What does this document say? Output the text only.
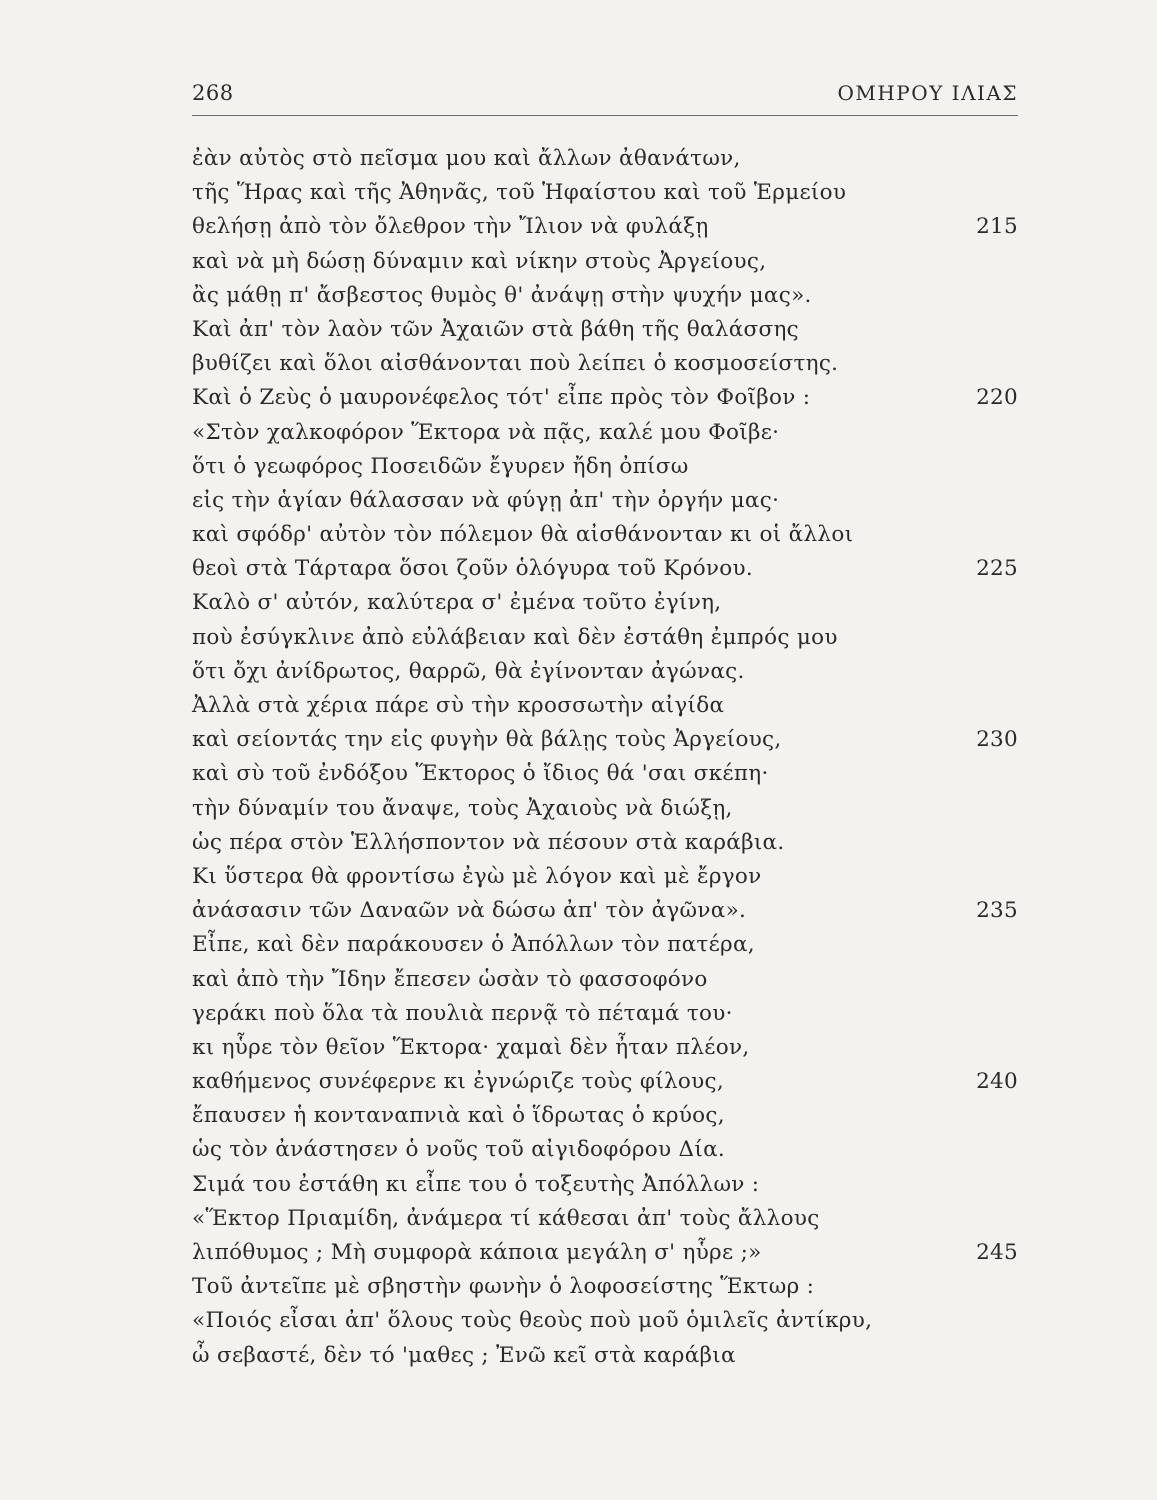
268	ΟΜΗΡΟΥ ΙΛΙΑΣ
ἐὰν αὐτὸς στὸ πεῖσμα μου καὶ ἄλλων ἀθανάτων,
τῆς Ἥρας καὶ τῆς Ἀθηνᾶς, τοῦ Ἡφαίστου καὶ τοῦ Ἑρμείου
θελήσῃ ἀπὸ τὸν ὄλεθρον τὴν Ἴλιον νὰ φυλάξῃ	215
καὶ νὰ μὴ δώσῃ δύναμιν καὶ νίκην στοὺς Ἀργείους,
ἂς μάθῃ π' ἄσβεστος θυμὸς θ' ἀνάψῃ στὴν ψυχήν μας».
Καὶ ἀπ' τὸν λαὸν τῶν Ἀχαιῶν στὰ βάθη τῆς θαλάσσης
βυθίζει καὶ ὅλοι αἰσθάνονται ποὺ λείπει ὁ κοσμοσείστης.
Καὶ ὁ Ζεὺς ὁ μαυρονέφελος τότ' εἶπε πρὸς τὸν Φοῖβον :	220
«Στὸν χαλκοφόρον Ἕκτορα νὰ πᾷς, καλέ μου Φοῖβε·
ὅτι ὁ γεωφόρος Ποσειδῶν ἔγυρεν ἤδη ὀπίσω
εἰς τὴν ἁγίαν θάλασσαν νὰ φύγῃ ἀπ' τὴν ὀργήν μας·
καὶ σφόδρ' αὐτὸν τὸν πόλεμον θὰ αἰσθάνονταν κι οἱ ἄλλοι
θεοὶ στὰ Τάρταρα ὅσοι ζοῦν ὁλόγυρα τοῦ Κρόνου.	225
Καλὸ σ' αὐτόν, καλύτερα σ' ἐμένα τοῦτο ἐγίνη,
ποὺ ἐσύγκλινε ἀπὸ εὐλάβειαν καὶ δὲν ἐστάθη ἐμπρός μου
ὅτι ὄχι ἀνίδρωτος, θαρρῶ, θὰ ἐγίνονταν ἀγώνας.
Ἀλλὰ στὰ χέρια πάρε σὺ τὴν κροσσωτὴν αἰγίδα
καὶ σείοντάς την εἰς φυγὴν θὰ βάλῃς τοὺς Ἀργείους,	230
καὶ σὺ τοῦ ἐνδόξου Ἕκτορος ὁ ἴδιος θά 'σαι σκέπη·
τὴν δύναμίν του ἄναψε, τοὺς Ἀχαιοὺς νὰ διώξῃ,
ὡς πέρα στὸν Ἑλλήσποντον νὰ πέσουν στὰ καράβια.
Κι ὕστερα θὰ φροντίσω ἐγὼ μὲ λόγον καὶ μὲ ἔργον
ἀνάσασιν τῶν Δαναῶν νὰ δώσω ἀπ' τὸν ἀγῶνα».	235
Εἶπε, καὶ δὲν παράκουσεν ὁ Ἀπόλλων τὸν πατέρα,
καὶ ἀπὸ τὴν Ἴδην ἔπεσεν ὡσὰν τὸ φασσοφόνο
γεράκι ποὺ ὅλα τὰ πουλιὰ περνᾷ τὸ πέταμά του·
κι ηὗρε τὸν θεῖον Ἕκτορα· χαμαὶ δὲν ἦταν πλέον,
καθήμενος συνέφερνε κι ἐγνώριζε τοὺς φίλους,	240
ἔπαυσεν ἡ κονταναπνιὰ καὶ ὁ ἵδρωτας ὁ κρύος,
ὡς τὸν ἀνάστησεν ὁ νοῦς τοῦ αἰγιδοφόρου Δία.
Σιμά του ἐστάθη κι εἶπε του ὁ τοξευτὴς Ἀπόλλων :
«Ἕκτορ Πριαμίδη, ἀνάμερα τί κάθεσαι ἀπ' τοὺς ἄλλους
λιπόθυμος ; Μὴ συμφορὰ κάποια μεγάλη σ' ηὗρε ;»	245
Τοῦ ἀντεῖπε μὲ σβηστὴν φωνὴν ὁ λοφοσείστης Ἕκτωρ :
«Ποιός εἶσαι ἀπ' ὅλους τοὺς θεοὺς ποὺ μοῦ ὁμιλεῖς ἀντίκρυ,
ὦ σεβαστέ, δὲν τό 'μαθες ; Ἐνῶ κεῖ στὰ καράβια
